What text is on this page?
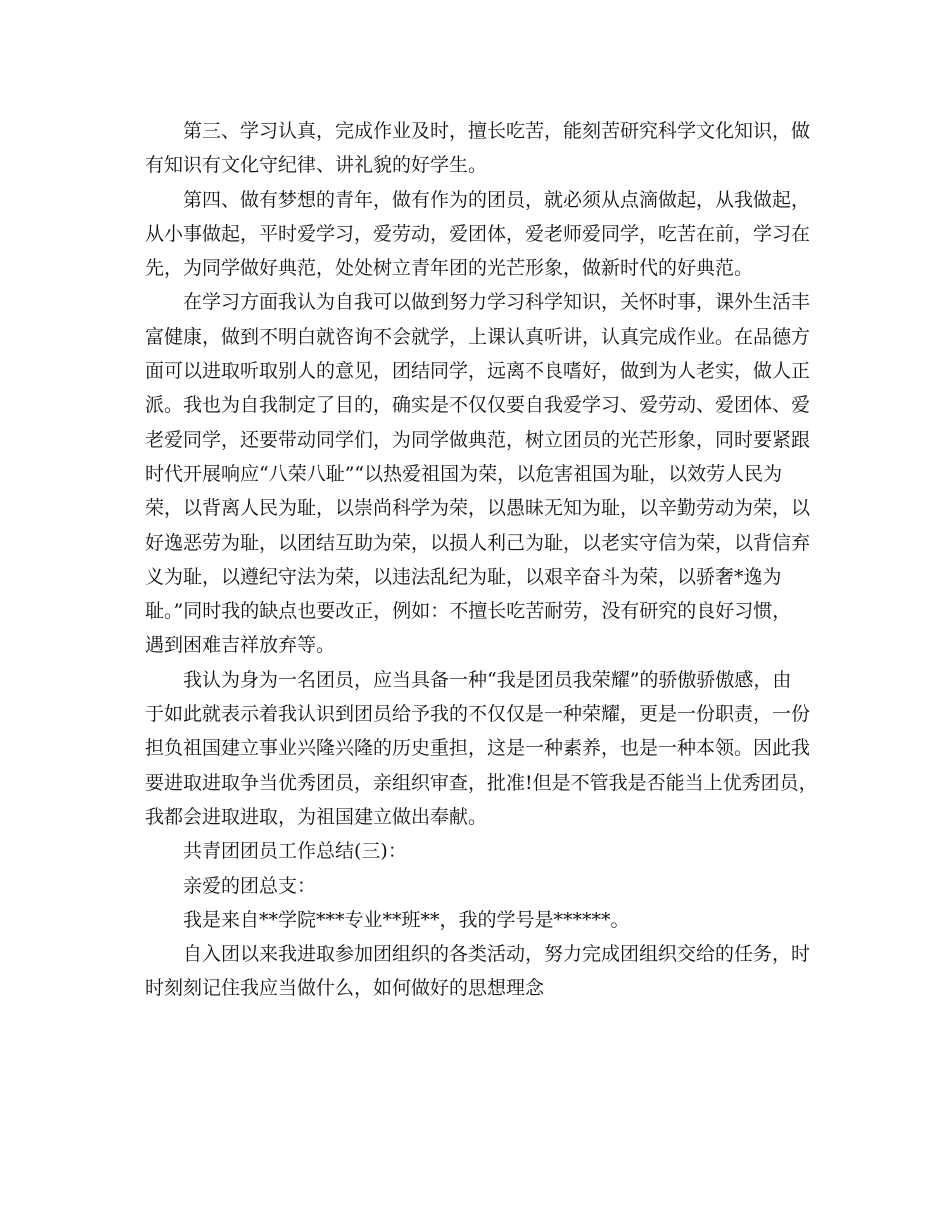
第三、学习认真，完成作业及时，擅长吃苦，能刻苦研究科学文化知识，做
有知识有文化守纪律、讲礼貌的好学生。
第四、做有梦想的青年，做有作为的团员，就必须从点滴做起，从我做起，
从小事做起，平时爱学习，爱劳动，爱团体，爱老师爱同学，吃苦在前，学习在
先，为同学做好典范，处处树立青年团的光芒形象，做新时代的好典范。
在学习方面我认为自我可以做到努力学习科学知识，关怀时事，课外生活丰
富健康，做到不明白就咨询不会就学，上课认真听讲，认真完成作业。在品德方
面可以进取听取别人的意见，团结同学，远离不良嗜好，做到为人老实，做人正
派。我也为自我制定了目的，确实是不仅仅要自我爱学习、爱劳动、爱团体、爱
老爱同学，还要带动同学们，为同学做典范，树立团员的光芒形象，同时要紧跟
时代开展响应“八荣八耻”“以热爱祖国为荣，以危害祖国为耻，以效劳人民为
荣，以背离人民为耻，以崇尚科学为荣，以愚昧无知为耻，以辛勤劳动为荣，以
好逸恶劳为耻，以团结互助为荣，以损人利己为耻，以老实守信为荣，以背信弃
义为耻，以遵纪守法为荣，以违法乱纪为耻，以艰辛奋斗为荣，以骄奢*逸为
耻。”同时我的缺点也要改正，例如：不擅长吃苦耐劳，没有研究的良好习惯，
遇到困难吉祥放弃等。
我认为身为一名团员，应当具备一种“我是团员我荣耀”的骄傲骄傲感，由
于如此就表示着我认识到团员给予我的不仅仅是一种荣耀，更是一份职责，一份
担负祖国建立事业兴隆兴隆的历史重担，这是一种素养，也是一种本领。因此我
要进取进取争当优秀团员，亲组织审查，批准!但是不管我是否能当上优秀团员，
我都会进取进取，为祖国建立做出奉献。
共青团团员工作总结(三)：
亲爱的团总支：
我是来自**学院***专业**班**，我的学号是******。
自入团以来我进取参加团组织的各类活动，努力完成团组织交给的任务，时
时刻刻记住我应当做什么，如何做好的思想理念
